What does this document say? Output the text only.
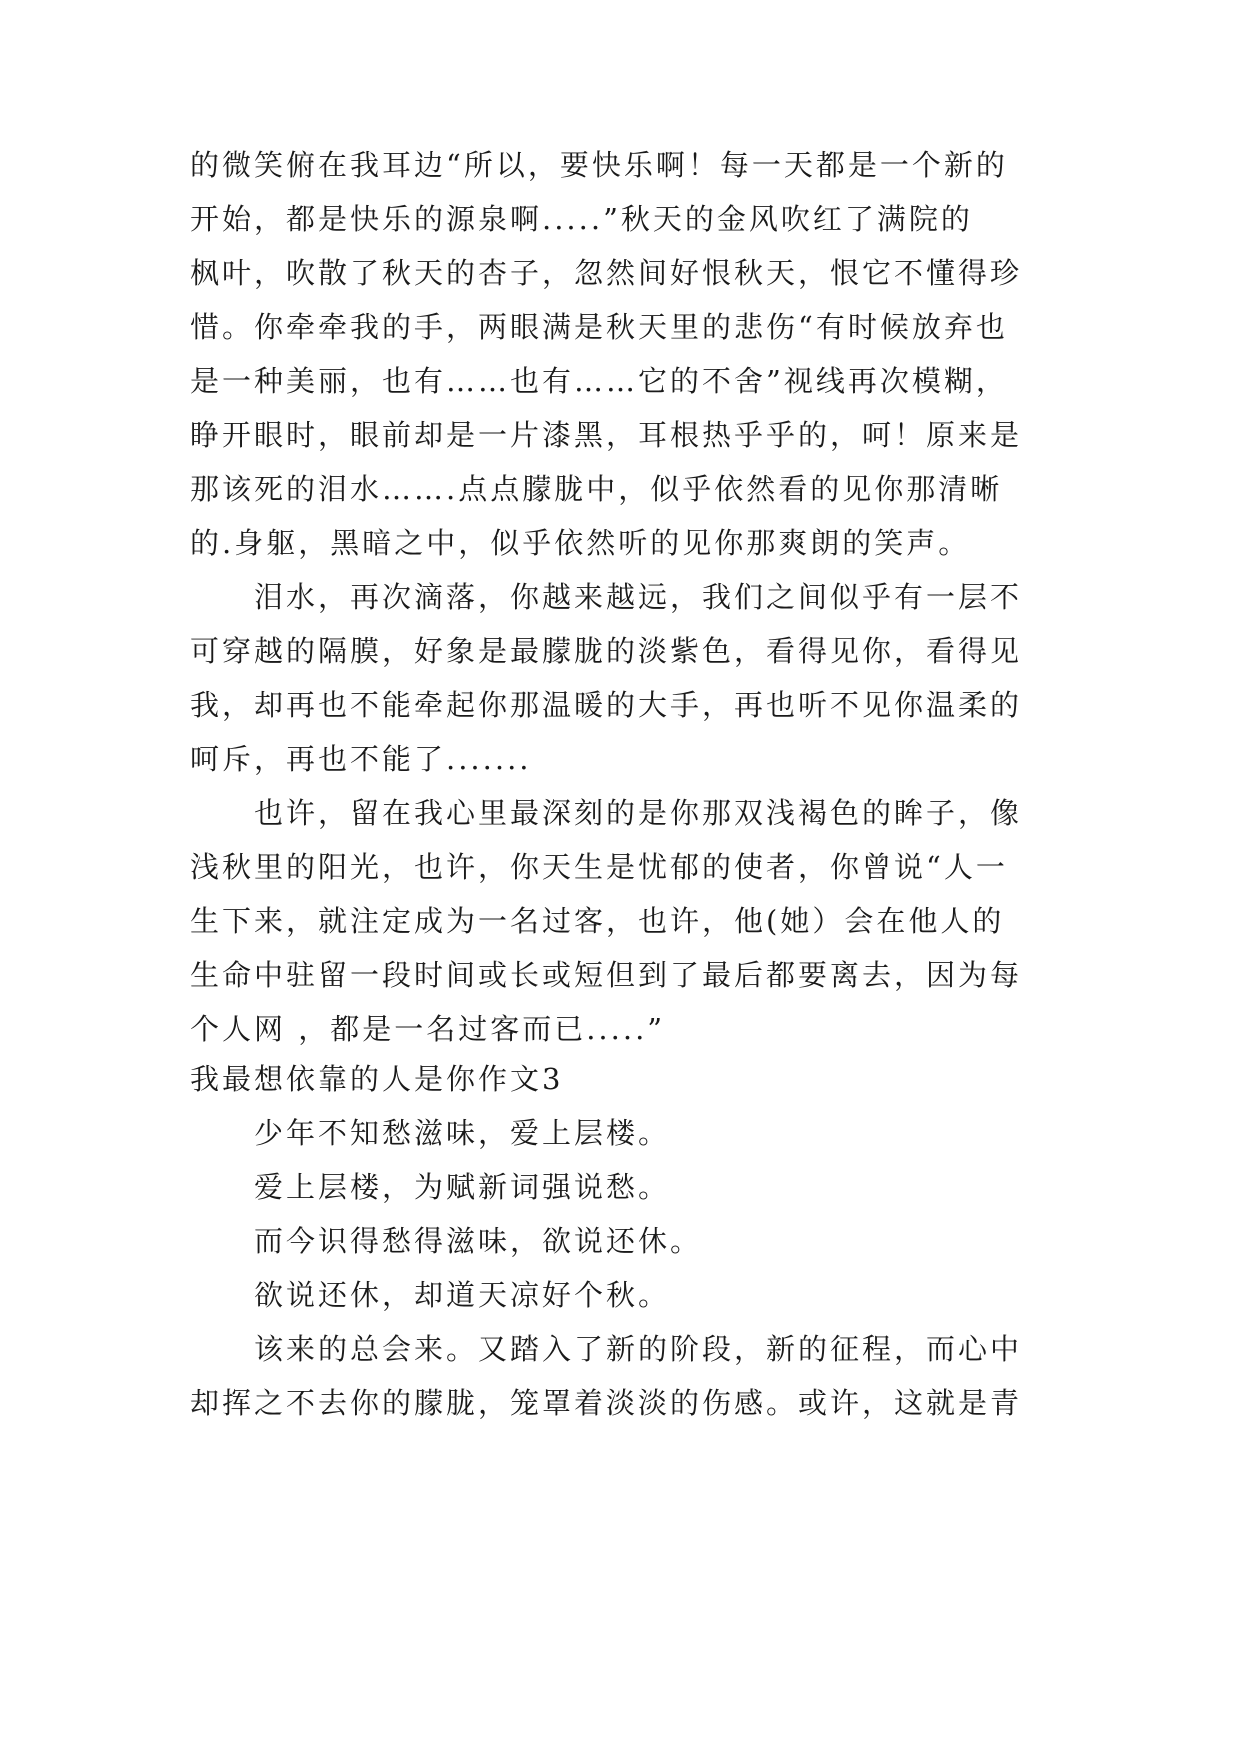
的微笑俯在我耳边“所以，要快乐啊！每一天都是一个新的
开始，都是快乐的源泉啊.....”秋天的金风吹红了满院的
枫叶，吹散了秋天的杏子，忽然间好恨秋天，恨它不懂得珍
惜。你牵牵我的手，两眼满是秋天里的悲伤“有时候放弃也
是一种美丽，也有……也有……它的不舍”视线再次模糊，
睁开眼时，眼前却是一片漆黑，耳根热乎乎的，呵！原来是
那该死的泪水…….点点朦胧中，似乎依然看的见你那清晰
的.身躯，黑暗之中，似乎依然听的见你那爽朗的笑声。
泪水，再次滴落，你越来越远，我们之间似乎有一层不
可穿越的隔膜，好象是最朦胧的淡紫色，看得见你，看得见
我，却再也不能牵起你那温暖的大手，再也听不见你温柔的
呵斥，再也不能了.......
也许，留在我心里最深刻的是你那双浅褐色的眸子，像
浅秋里的阳光，也许，你天生是忧郁的使者，你曾说“人一
生下来，就注定成为一名过客，也许，他(她）会在他人的
生命中驻留一段时间或长或短但到了最后都要离去，因为每
个人网 ，都是一名过客而已.....”
我最想依靠的人是你作文3
少年不知愁滋味，爱上层楼。
爱上层楼，为赋新词强说愁。
而今识得愁得滋味，欲说还休。
欲说还休，却道天凉好个秋。
该来的总会来。又踏入了新的阶段，新的征程，而心中
却挥之不去你的朦胧，笼罩着淡淡的伤感。或许，这就是青
